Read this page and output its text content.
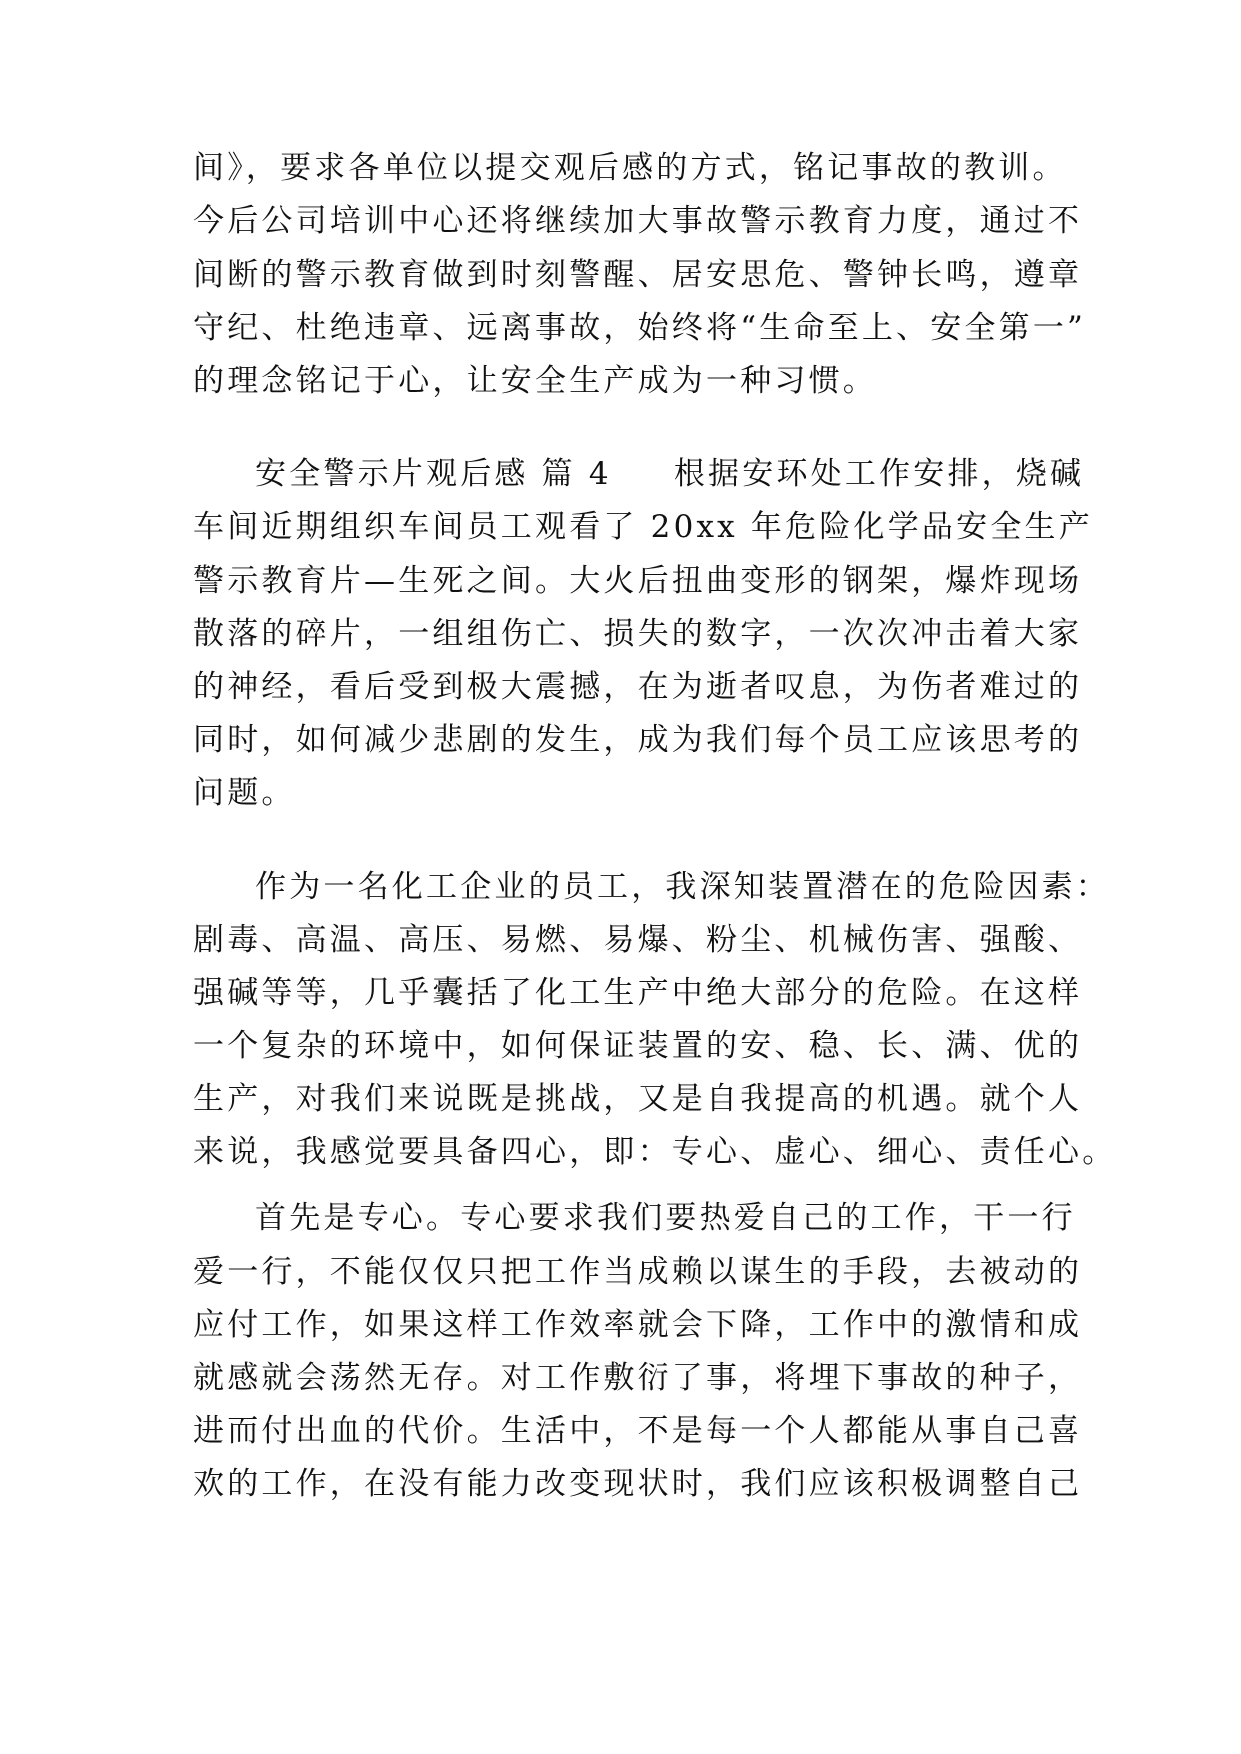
间》，要求各单位以提交观后感的方式，铭记事故的教训。
今后公司培训中心还将继续加大事故警示教育力度，通过不
间断的警示教育做到时刻警醒、居安思危、警钟长鸣，遵章
守纪、杜绝违章、远离事故，始终将“生命至上、安全第一”
的理念铭记于心，让安全生产成为一种习惯。
安全警示片观后感 篇 4 根据安环处工作安排，烧碱
车间近期组织车间员工观看了 20xx 年危险化学品安全生产
警示教育片—生死之间。大火后扭曲变形的钢架，爆炸现场
散落的碎片，一组组伤亡、损失的数字，一次次冲击着大家
的神经，看后受到极大震撼，在为逝者叹息，为伤者难过的
同时，如何减少悲剧的发生，成为我们每个员工应该思考的
问题。
作为一名化工企业的员工，我深知装置潜在的危险因素：
剧毒、高温、高压、易燃、易爆、粉尘、机械伤害、强酸、
强碱等等，几乎囊括了化工生产中绝大部分的危险。在这样
一个复杂的环境中，如何保证装置的安、稳、长、满、优的
生产，对我们来说既是挑战，又是自我提高的机遇。就个人
来说，我感觉要具备四心，即：专心、虚心、细心、责任心。
首先是专心。专心要求我们要热爱自己的工作，干一行
爱一行，不能仅仅只把工作当成赖以谋生的手段，去被动的
应付工作，如果这样工作效率就会下降，工作中的激情和成
就感就会荡然无存。对工作敷衍了事，将埋下事故的种子，
进而付出血的代价。生活中，不是每一个人都能从事自己喜
欢的工作，在没有能力改变现状时，我们应该积极调整自己
